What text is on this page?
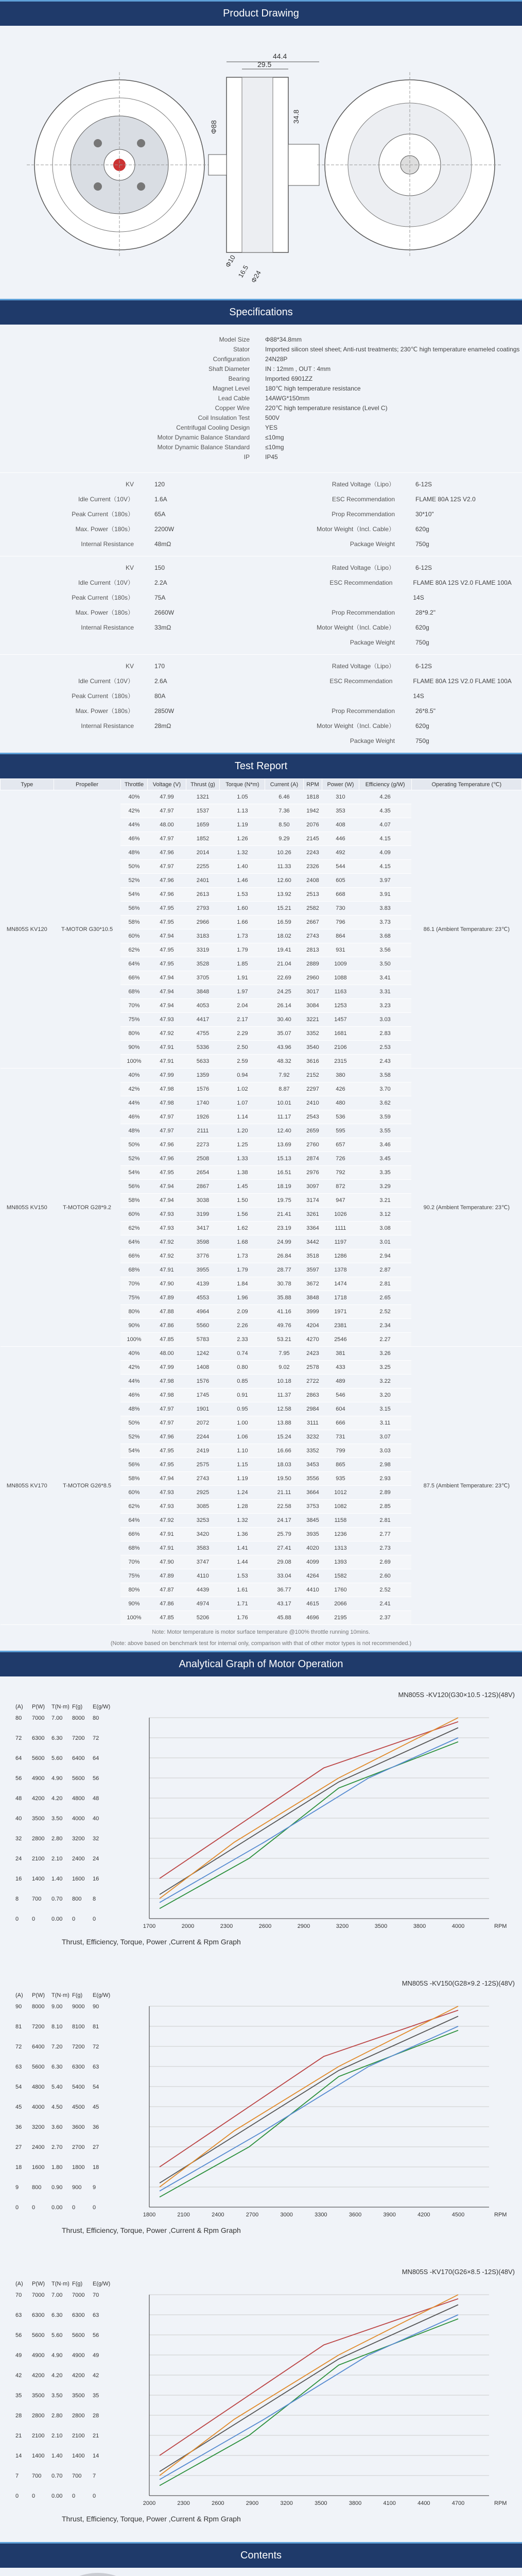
Product Drawing
44.4
29.5
34.8
Φ88
Φ10
16.5 Φ24
Specifications
Model Size	Φ88*34.8mm
Stator	Imported silicon steel sheet; Anti-rust treatments; 230℃ high temperature enameled coatings
Configuration	24N28P
Shaft Diameter	IN : 12mm , OUT : 4mm
Bearing	Imported 6901ZZ
Magnet Level	180℃ high temperature resistance
Lead Cable	14AWG*150mm
Copper Wire	220℃ high temperature resistance (Level C)
Coil Insulation Test	500V
Centrifugal Cooling Design	YES
Motor Dynamic Balance Standard	≤10mg
Motor Dynamic Balance Standard	≤10mg
IP	IP45
KV	120
Idle Current（10V）	1.6A
Peak Current（180s）	65A
Max. Power（180s）	2200W
Internal Resistance	48mΩ
Rated Voltage（Lipo）	6-12S
ESC Recommendation	FLAME 80A 12S V2.0
Prop Recommendation	30*10"
Motor Weight（Incl. Cable）	620g
Package Weight	750g
KV	150
Idle Current（10V）	2.2A
Peak Current（180s）	75A
Max. Power（180s）	2660W
Internal Resistance	33mΩ
Rated Voltage（Lipo）	6-12S
ESC Recommendation	FLAME 80A 12S V2.0 FLAME 100A 14S
Prop Recommendation	28*9.2"
Motor Weight（Incl. Cable）	620g
Package Weight	750g
KV	170
Idle Current（10V）	2.6A
Peak Current（180s）	80A
Max. Power（180s）	2850W
Internal Resistance	28mΩ
Rated Voltage（Lipo）	6-12S
ESC Recommendation	FLAME 80A 12S V2.0 FLAME 100A 14S
Prop Recommendation	26*8.5"
Motor Weight（Incl. Cable）	620g
Package Weight	750g
Test Report
Type	Propeller	Throttle	Voltage (V)	Thrust (g)	Torque (N*m)	Current (A)	RPM	Power (W)	Efficiency (g/W)	Operating Temperature (℃)
MN805S KV120	T-MOTOR G30*10.5	40%	47.99	1321	1.05	6.46	1818	310	4.26	86.1 (Ambient Temperature: 23℃)
		42%	47.97	1537	1.13	7.36	1942	353	4.35	
		44%	48.00	1659	1.19	8.50	2076	408	4.07	
		46%	47.97	1852	1.26	9.29	2145	446	4.15	
		48%	47.96	2014	1.32	10.26	2243	492	4.09	
		50%	47.97	2255	1.40	11.33	2326	544	4.15	
		52%	47.96	2401	1.46	12.60	2408	605	3.97	
		54%	47.96	2613	1.53	13.92	2513	668	3.91	
		56%	47.95	2793	1.60	15.21	2582	730	3.83	
		58%	47.95	2966	1.66	16.59	2667	796	3.73	
		60%	47.94	3183	1.73	18.02	2743	864	3.68	
		62%	47.95	3319	1.79	19.41	2813	931	3.56	
		64%	47.95	3528	1.85	21.04	2889	1009	3.50	
		66%	47.94	3705	1.91	22.69	2960	1088	3.41	
		68%	47.94	3848	1.97	24.25	3017	1163	3.31	
		70%	47.94	4053	2.04	26.14	3084	1253	3.23	
		75%	47.93	4417	2.17	30.40	3221	1457	3.03	
		80%	47.92	4755	2.29	35.07	3352	1681	2.83	
		90%	47.91	5336	2.50	43.96	3540	2106	2.53	
		100%	47.91	5633	2.59	48.32	3616	2315	2.43	
MN805S KV150	T-MOTOR G28*9.2	40%	47.99	1359	0.94	7.92	2152	380	3.58	90.2 (Ambient Temperature: 23℃)
		42%	47.98	1576	1.02	8.87	2297	426	3.70	
		44%	47.98	1740	1.07	10.01	2410	480	3.62	
		46%	47.97	1926	1.14	11.17	2543	536	3.59	
		48%	47.97	2111	1.20	12.40	2659	595	3.55	
		50%	47.96	2273	1.25	13.69	2760	657	3.46	
		52%	47.96	2508	1.33	15.13	2874	726	3.45	
		54%	47.95	2654	1.38	16.51	2976	792	3.35	
		56%	47.94	2867	1.45	18.19	3097	872	3.29	
		58%	47.94	3038	1.50	19.75	3174	947	3.21	
		60%	47.93	3199	1.56	21.41	3261	1026	3.12	
		62%	47.93	3417	1.62	23.19	3364	1111	3.08	
		64%	47.92	3598	1.68	24.99	3442	1197	3.01	
		66%	47.92	3776	1.73	26.84	3518	1286	2.94	
		68%	47.91	3955	1.79	28.77	3597	1378	2.87	
		70%	47.90	4139	1.84	30.78	3672	1474	2.81	
		75%	47.89	4553	1.96	35.88	3848	1718	2.65	
		80%	47.88	4964	2.09	41.16	3999	1971	2.52	
		90%	47.86	5560	2.26	49.76	4204	2381	2.34	
		100%	47.85	5783	2.33	53.21	4270	2546	2.27	
MN805S KV170	T-MOTOR G26*8.5	40%	48.00	1242	0.74	7.95	2423	381	3.26	87.5 (Ambient Temperature: 23℃)
		42%	47.99	1408	0.80	9.02	2578	433	3.25	
		44%	47.98	1576	0.85	10.18	2722	489	3.22	
		46%	47.98	1745	0.91	11.37	2863	546	3.20	
		48%	47.97	1901	0.95	12.58	2984	604	3.15	
		50%	47.97	2072	1.00	13.88	3111	666	3.11	
		52%	47.96	2244	1.06	15.24	3232	731	3.07	
		54%	47.95	2419	1.10	16.66	3352	799	3.03	
		56%	47.95	2575	1.15	18.03	3453	865	2.98	
		58%	47.94	2743	1.19	19.50	3556	935	2.93	
		60%	47.93	2925	1.24	21.11	3664	1012	2.89	
		62%	47.93	3085	1.28	22.58	3753	1082	2.85	
		64%	47.92	3253	1.32	24.17	3845	1158	2.81	
		66%	47.91	3420	1.36	25.79	3935	1236	2.77	
		68%	47.91	3583	1.41	27.41	4020	1313	2.73	
		70%	47.90	3747	1.44	29.08	4099	1393	2.69	
		75%	47.89	4110	1.53	33.04	4264	1582	2.60	
		80%	47.87	4439	1.61	36.77	4410	1760	2.52	
		90%	47.86	4974	1.71	43.17	4615	2066	2.41	
		100%	47.85	5206	1.76	45.88	4696	2195	2.37	
Note: Motor temperature is motor surface temperature @100% throttle running 10mins.
(Note: above based on benchmark test for internal only, comparison with that of other motor types is not recommended.)
Analytical Graph of Motor Operation
MN805S -KV120(G30×10.5 -12S)(48V)
(A) P(W) T(N·m) F(g) E(g/W)
80 7000 7.00 8000 80
72 6300 6.30 7200 72
64 5600 5.60 6400 64
56 4900 4.90 5600 56
48 4200 4.20 4800 48
40 3500 3.50 4000 40
32 2800 2.80 3200 32
24 2100 2.10 2400 24
16 1400 1.40 1600 16
8 700 0.70 800 8
0 0	0.00 0	0
1700	2000	2300	2600	2900	3200	3500	3800	4000	RPM
Thrust, Efficiency, Torque, Power ,Current & Rpm Graph
MN805S -KV150(G28×9.2 -12S)(48V)
(A) P(W) T(N·m) F(g) E(g/W)
90 8000 9.00 9000 90
81 7200 8.10 8100 81
72 6400 7.20 7200 72
63 5600 6.30 6300 63
54 4800 5.40 5400 54
45 4000 4.50 4500 45
36 3200 3.60 3600 36
27 2400 2.70 2700 27
18 1600 1.80 1800 18
9 800 0.90 900 9
0 0	0.00 0	0
1800	2100	2400	2700	3000	3300	3600	3900	4200	4500	RPM
Thrust, Efficiency, Torque, Power ,Current & Rpm Graph
MN805S -KV170(G26×8.5 -12S)(48V)
(A) P(W) T(N·m) F(g) E(g/W)
70 7000 7.00 7000 70
63 6300 6.30 6300 63
56 5600 5.60 5600 56
49 4900 4.90 4900 49
42 4200 4.20 4200 42
35 3500 3.50 3500 35
28 2800 2.80 2800 28
21 2100 2.10 2100 21
14 1400 1.40 1400 14
7 700 0.70 700 7
0 0	0.00 0	0
2000	2300	2600	2900	3200	3500	3800	4100	4400	4700	RPM
Thrust, Efficiency, Torque, Power ,Current & Rpm Graph
Contents
